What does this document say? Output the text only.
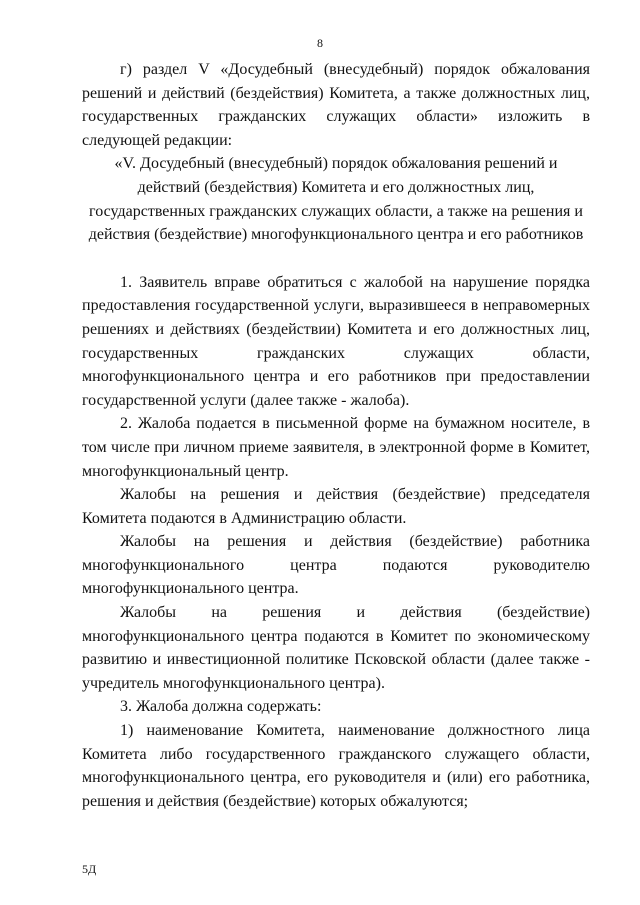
8

г) раздел V «Досудебный (внесудебный) порядок обжалования решений и действий (бездействия) Комитета, а также должностных лиц, государственных гражданских служащих области» изложить в следующей редакции:

«V. Досудебный (внесудебный) порядок обжалования решений и действий (бездействия) Комитета и его должностных лиц, государственных гражданских служащих области, а также на решения и действия (бездействие) многофункционального центра и его работников

1. Заявитель вправе обратиться с жалобой на нарушение порядка предоставления государственной услуги, выразившееся в неправомерных решениях и действиях (бездействии) Комитета и его должностных лиц, государственных гражданских служащих области, многофункционального центра и его работников при предоставлении государственной услуги (далее также - жалоба).

2. Жалоба подается в письменной форме на бумажном носителе, в том числе при личном приеме заявителя, в электронной форме в Комитет, многофункциональный центр.

Жалобы на решения и действия (бездействие) председателя Комитета подаются в Администрацию области.

Жалобы на решения и действия (бездействие) работника многофункционального центра подаются руководителю многофункционального центра.

Жалобы на решения и действия (бездействие) многофункционального центра подаются в Комитет по экономическому развитию и инвестиционной политике Псковской области (далее также - учредитель многофункционального центра).

3. Жалоба должна содержать:

1) наименование Комитета, наименование должностного лица Комитета либо государственного гражданского служащего области, многофункционального центра, его руководителя и (или) его работника, решения и действия (бездействие) которых обжалуются;

5Д
